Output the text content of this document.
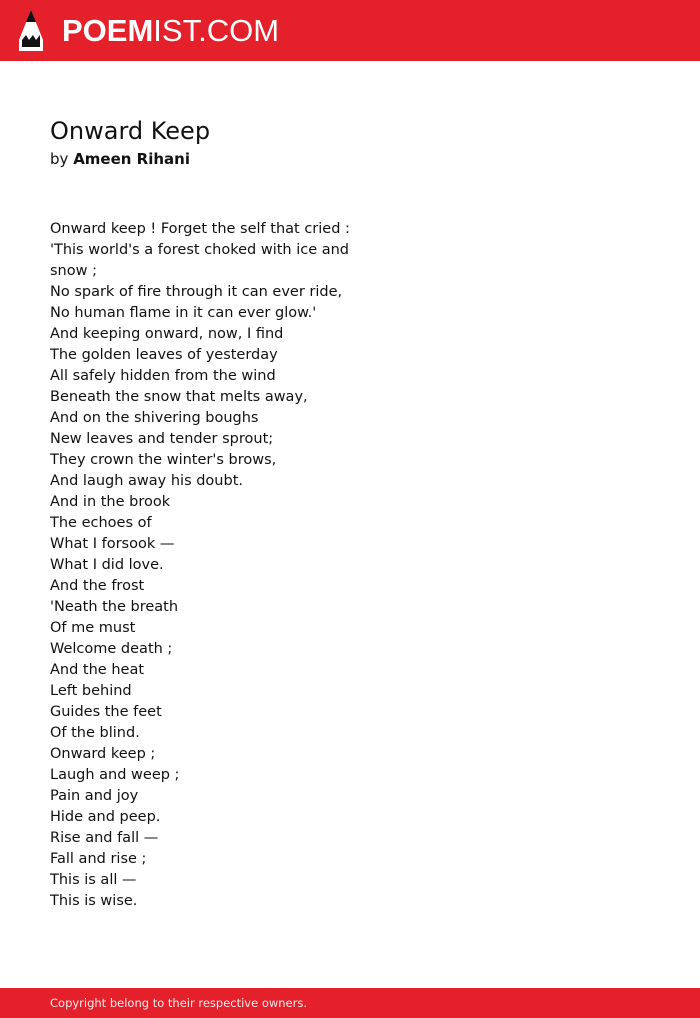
POEMIST.COM
Onward Keep
by Ameen Rihani
Onward keep ! Forget the self that cried :
'This world's a forest choked with ice and
snow ;
No spark of fire through it can ever ride,
No human flame in it can ever glow.'
And keeping onward, now, I find
The golden leaves of yesterday
All safely hidden from the wind
Beneath the snow that melts away,
And on the shivering boughs
New leaves and tender sprout;
They crown the winter's brows,
And laugh away his doubt.
And in the brook
The echoes of
What I forsook —
What I did love.
And the frost
'Neath the breath
Of me must
Welcome death ;
And the heat
Left behind
Guides the feet
Of the blind.
Onward keep ;
Laugh and weep ;
Pain and joy
Hide and peep.
Rise and fall —
Fall and rise ;
This is all —
This is wise.
Copyright belong to their respective owners.
